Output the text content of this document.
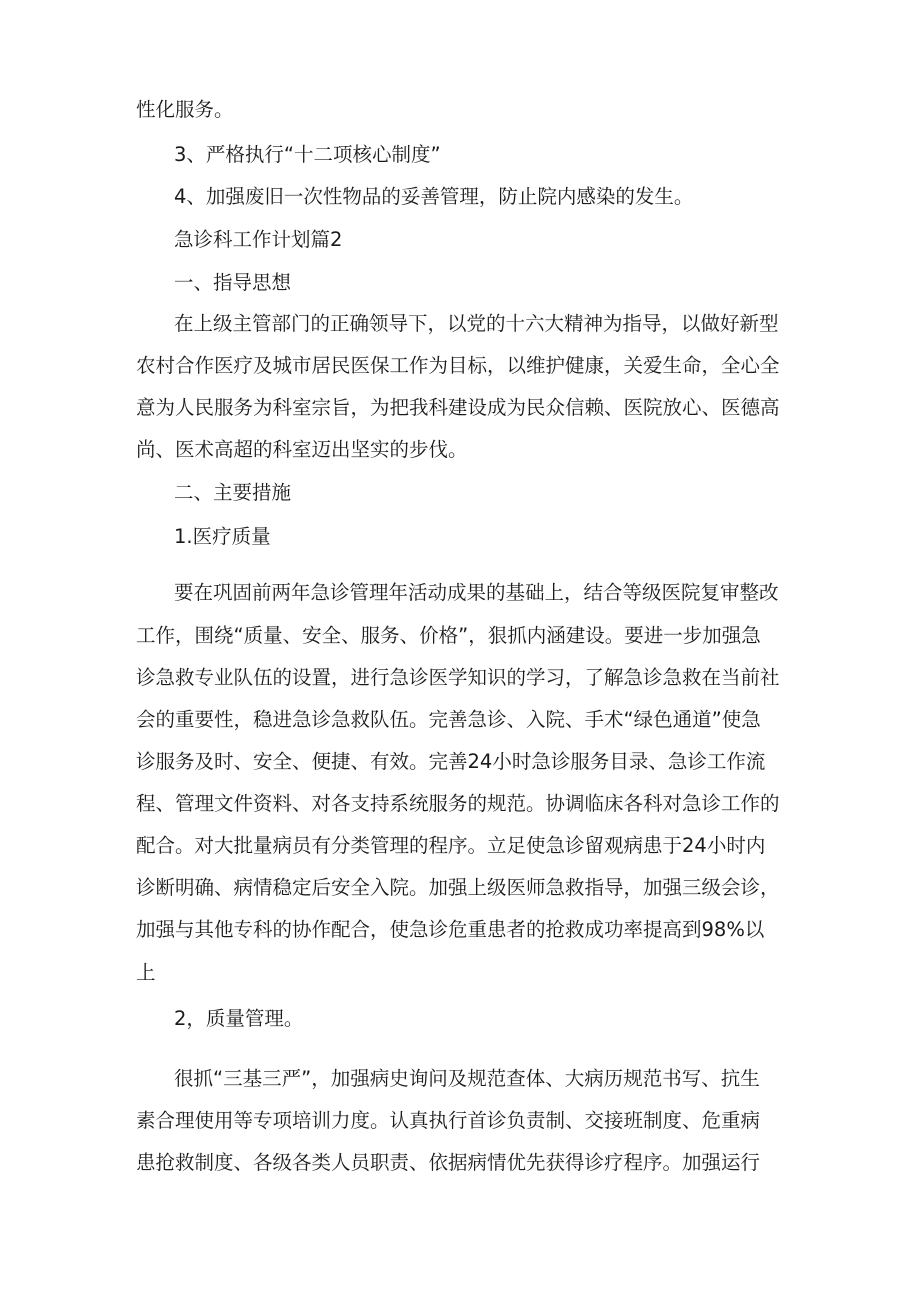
性化服务。
3、严格执行“十二项核心制度”
4、加强废旧一次性物品的妥善管理，防止院内感染的发生。
急诊科工作计划篇2
一、指导思想
在上级主管部门的正确领导下，以党的十六大精神为指导，以做好新型
农村合作医疗及城市居民医保工作为目标，以维护健康，关爱生命，全心全
意为人民服务为科室宗旨，为把我科建设成为民众信赖、医院放心、医德高
尚、医术高超的科室迈出坚实的步伐。
二、主要措施
1.医疗质量
要在巩固前两年急诊管理年活动成果的基础上，结合等级医院复审整改
工作，围绕“质量、安全、服务、价格”，狠抓内涵建设。要进一步加强急
诊急救专业队伍的设置，进行急诊医学知识的学习，了解急诊急救在当前社
会的重要性，稳进急诊急救队伍。完善急诊、入院、手术“绿色通道”使急
诊服务及时、安全、便捷、有效。完善24小时急诊服务目录、急诊工作流
程、管理文件资料、对各支持系统服务的规范。协调临床各科对急诊工作的
配合。对大批量病员有分类管理的程序。立足使急诊留观病患于24小时内
诊断明确、病情稳定后安全入院。加强上级医师急救指导，加强三级会诊，
加强与其他专科的协作配合，使急诊危重患者的抢救成功率提高到98%以
上
2，质量管理。
很抓“三基三严”，加强病史询问及规范查体、大病历规范书写、抗生
素合理使用等专项培训力度。认真执行首诊负责制、交接班制度、危重病
患抢救制度、各级各类人员职责、依据病情优先获得诊疗程序。加强运行
